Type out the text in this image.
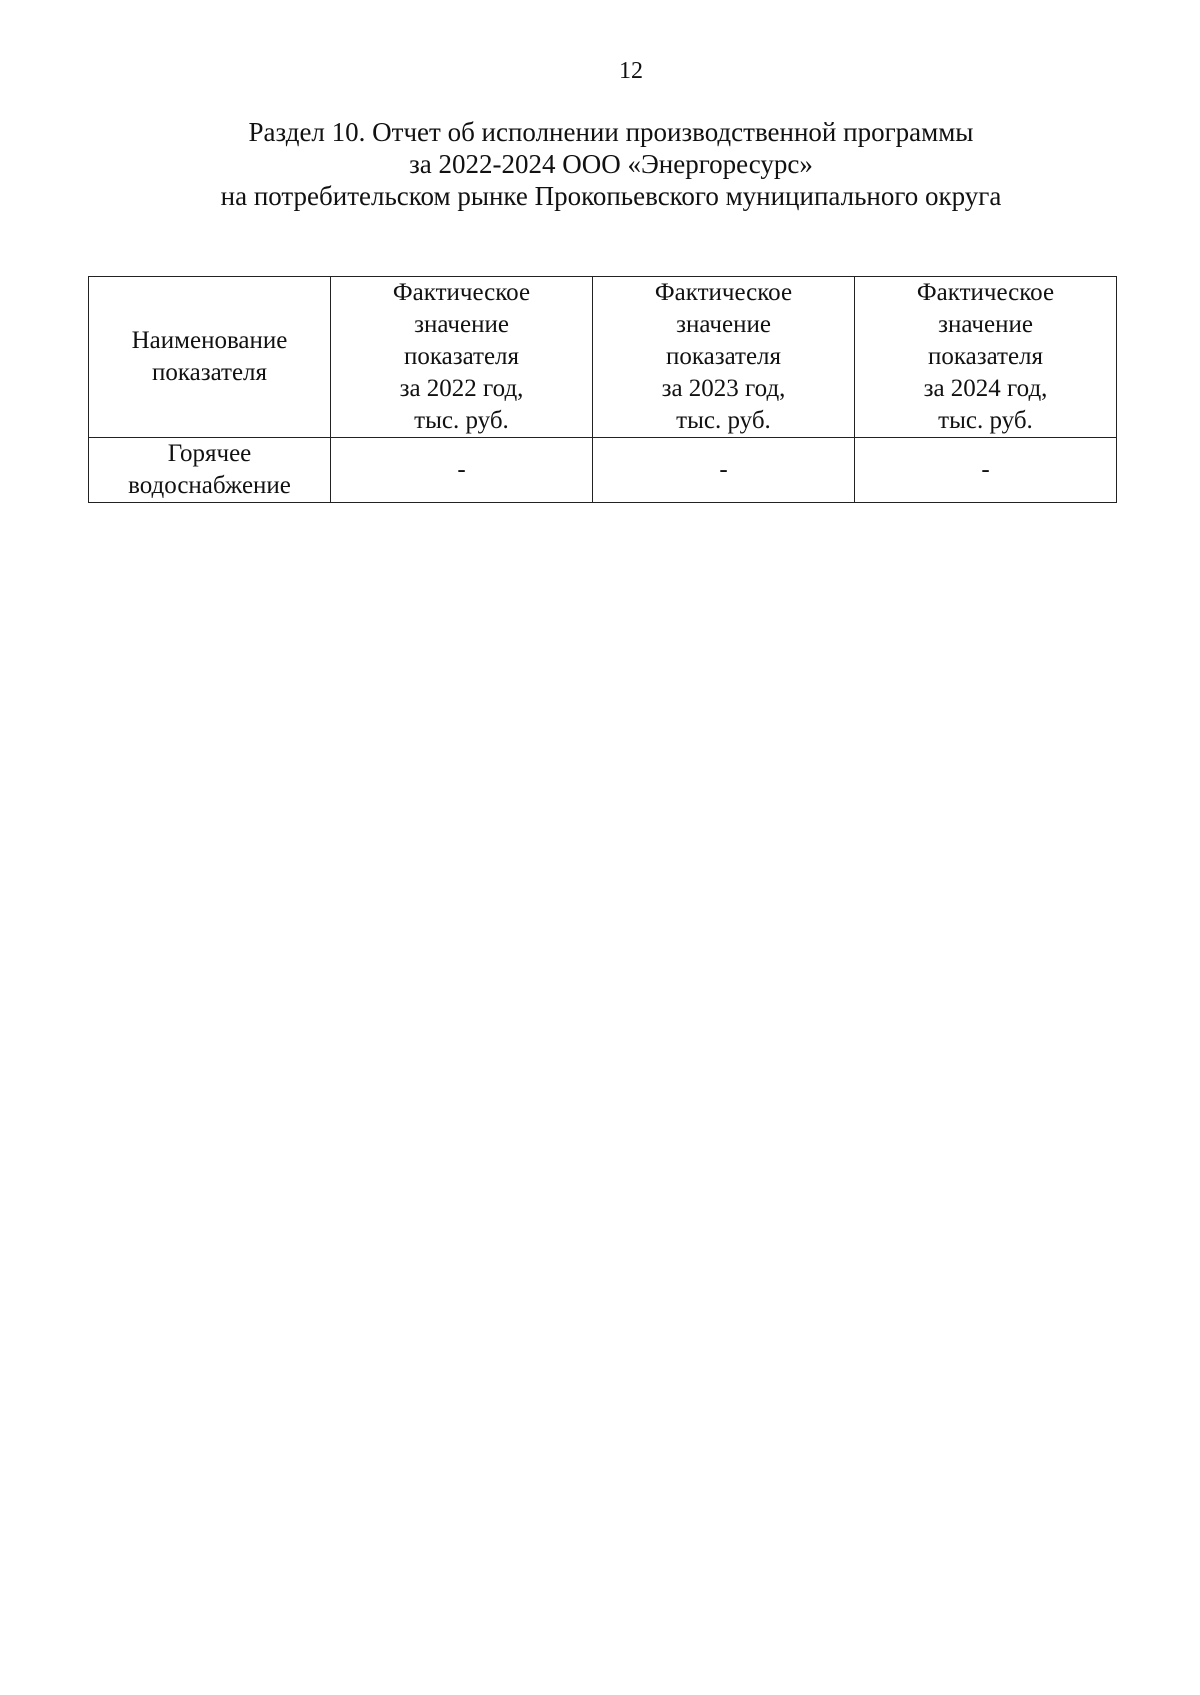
12
Раздел 10. Отчет об исполнении производственной программы
за 2022-2024 ООО «Энергоресурс»
на потребительском рынке Прокопьевского муниципального округа
Наименование
показателя	Фактическое
значение
показателя
за 2022 год,
тыс. руб.	Фактическое
значение
показателя
за 2023 год,
тыс. руб.	Фактическое
значение
показателя
за 2024 год,
тыс. руб.

Горячее
водоснабжение	-	-	-
